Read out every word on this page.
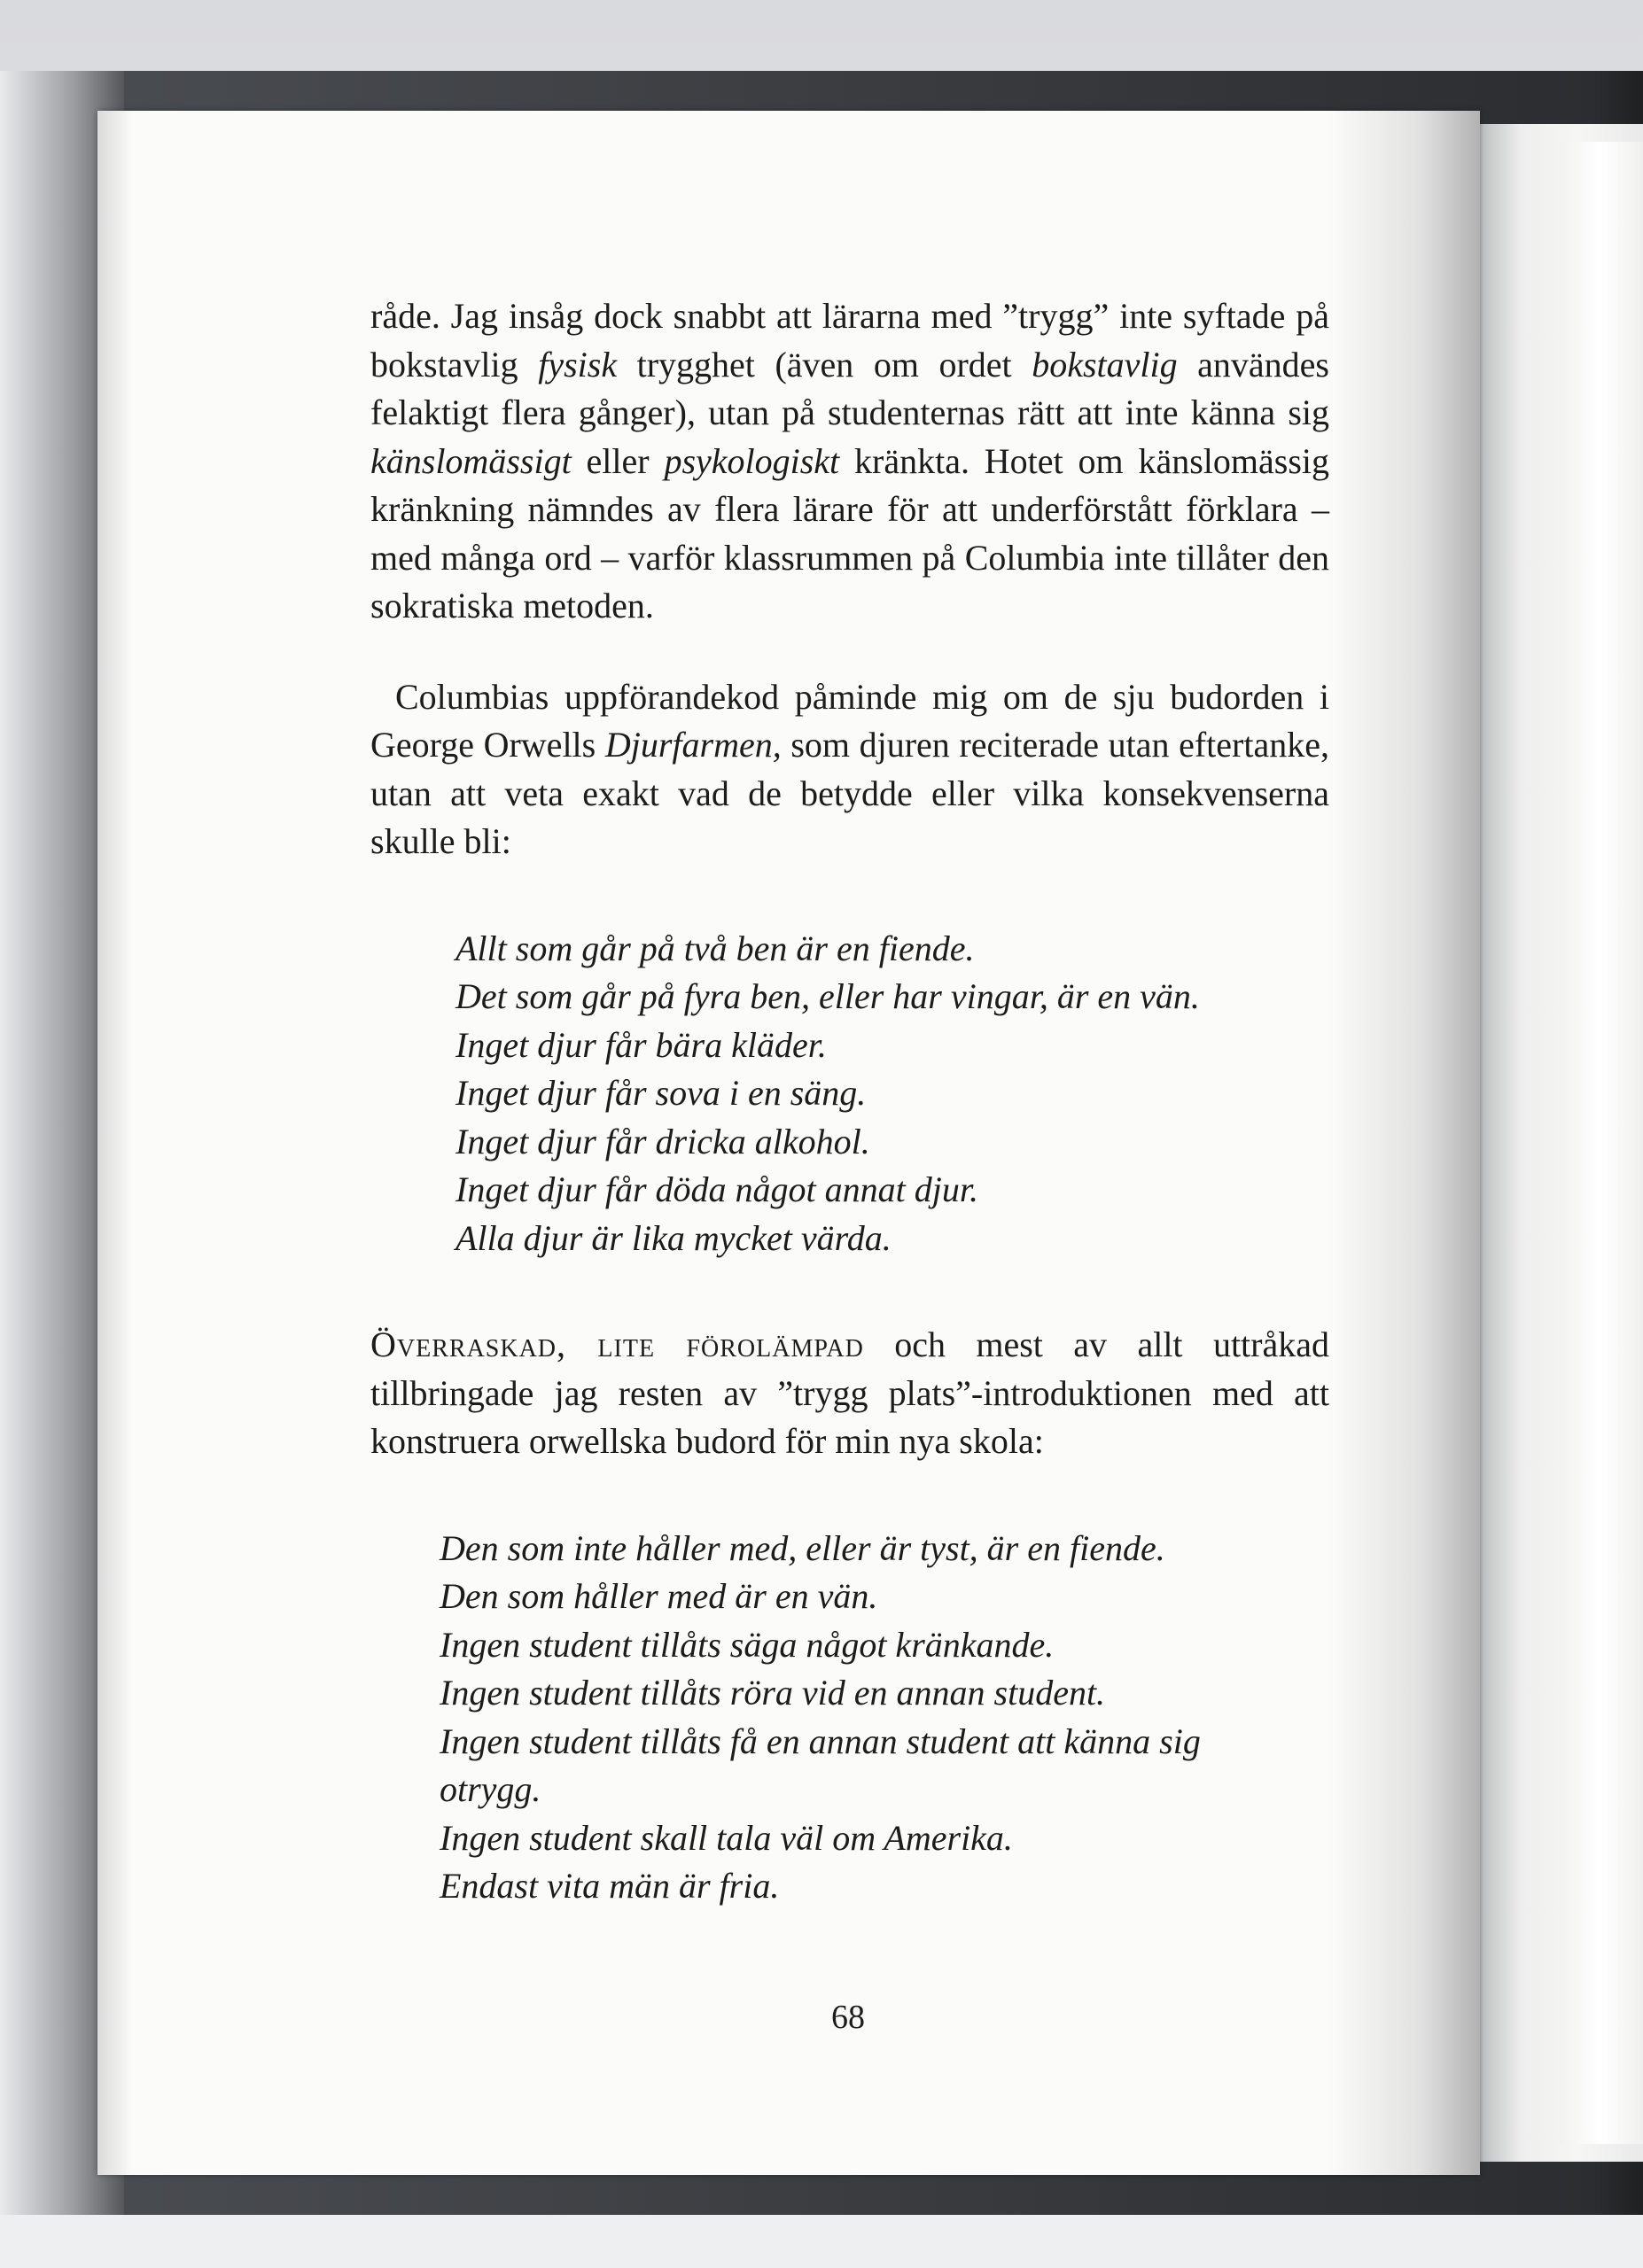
råde. Jag insåg dock snabbt att lärarna med ”trygg” inte syftade på bokstavlig fysisk trygghet (även om ordet bokstavlig användes felaktigt flera gånger), utan på studenternas rätt att inte känna sig känslomässigt eller psykologiskt kränkta. Hotet om känslomässig kränkning nämndes av flera lärare för att underförstått förklara – med många ord – varför klassrummen på Columbia inte tillåter den sokratiska metoden.

Columbias uppförandekod påminde mig om de sju budorden i George Orwells Djurfarmen, som djuren reciterade utan eftertanke, utan att veta exakt vad de betydde eller vilka konsekvenserna skulle bli:

Allt som går på två ben är en fiende.
Det som går på fyra ben, eller har vingar, är en vän.
Inget djur får bära kläder.
Inget djur får sova i en säng.
Inget djur får dricka alkohol.
Inget djur får döda något annat djur.
Alla djur är lika mycket värda.

Överraskad, lite förolämpad och mest av allt uttråkad tillbringade jag resten av ”trygg plats”-introduktionen med att konstruera orwellska budord för min nya skola:

Den som inte håller med, eller är tyst, är en fiende.
Den som håller med är en vän.
Ingen student tillåts säga något kränkande.
Ingen student tillåts röra vid en annan student.
Ingen student tillåts få en annan student att känna sig otrygg.
Ingen student skall tala väl om Amerika.
Endast vita män är fria.
68
